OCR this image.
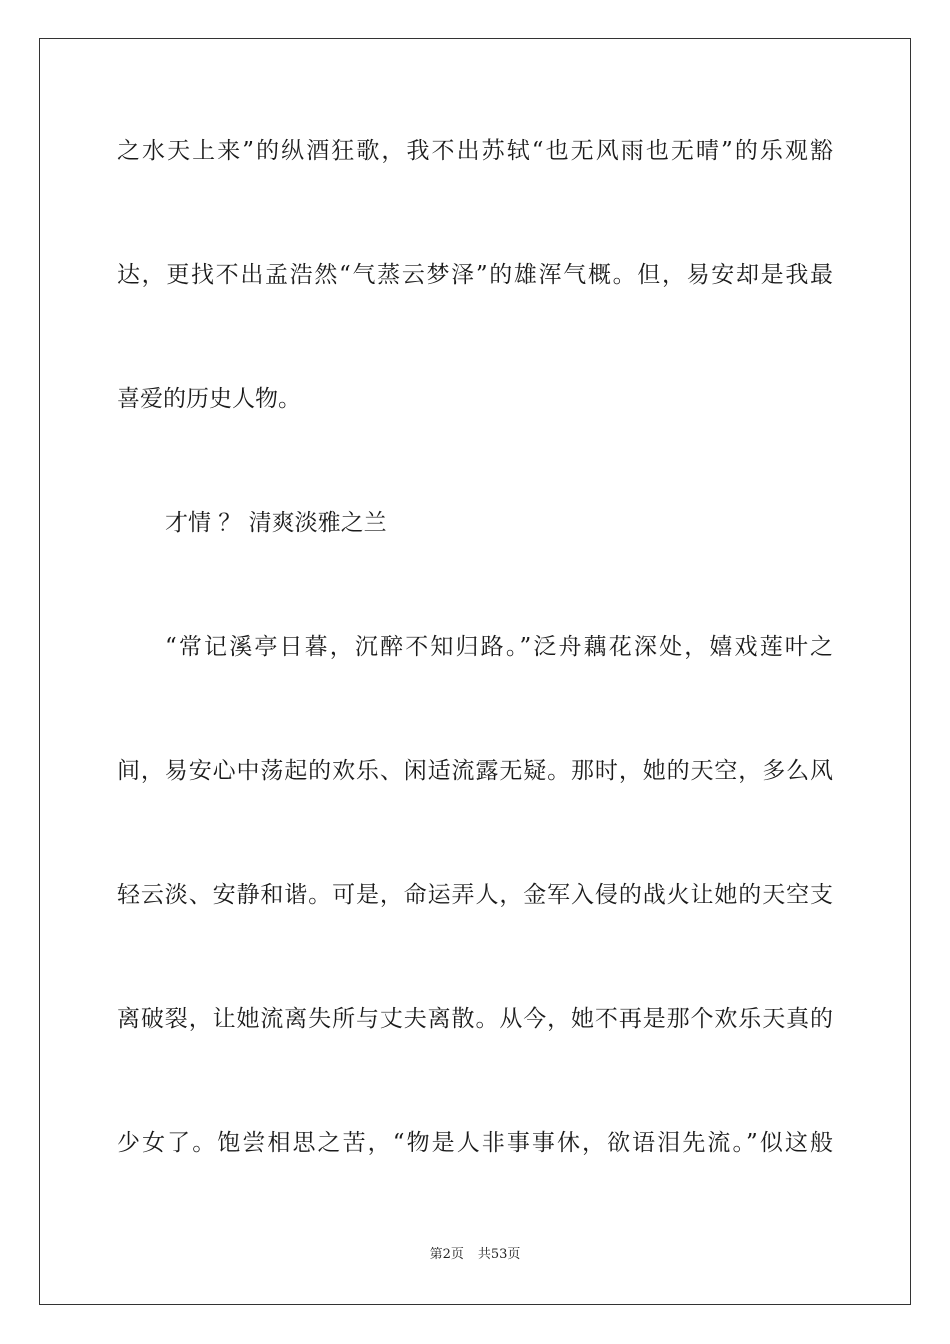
之水天上来”的纵酒狂歌，我不出苏轼“也无风雨也无晴”的乐观豁
达，更找不出孟浩然“气蒸云梦泽”的雄浑气概。但，易安却是我最
喜爱的历史人物。
才情 ？ 清爽淡雅之兰
“常记溪亭日暮，沉醉不知归路。”泛舟藕花深处，嬉戏莲叶之
间，易安心中荡起的欢乐、闲适流露无疑。那时，她的天空，多么风
轻云淡、安静和谐。可是，命运弄人，金军入侵的战火让她的天空支
离破裂，让她流离失所与丈夫离散。从今，她不再是那个欢乐天真的
少女了。饱尝相思之苦，“物是人非事事休，欲语泪先流。”似这般
第2页 共53页
